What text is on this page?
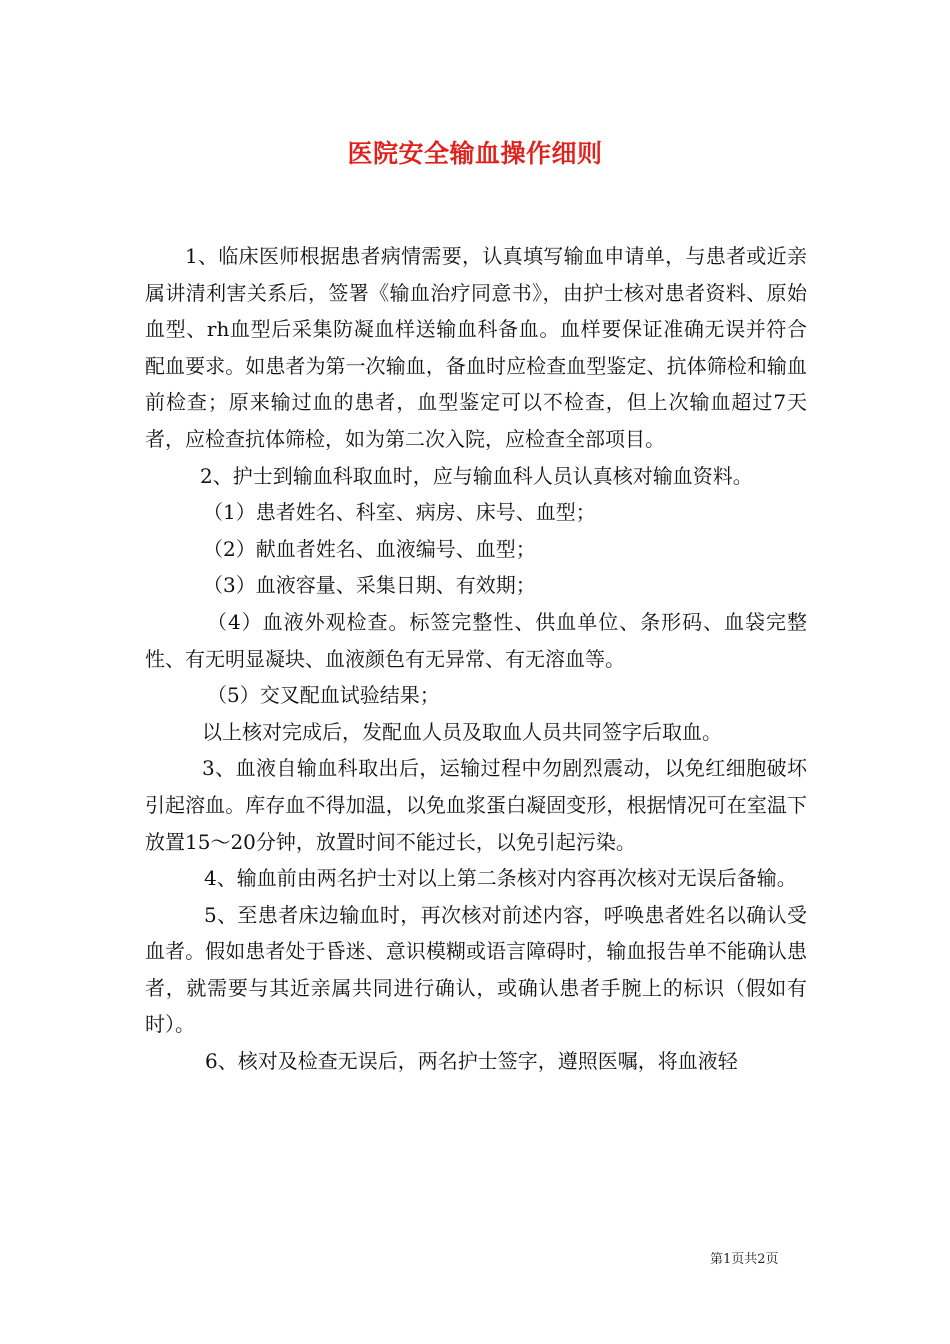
医院安全输血操作细则

1、临床医师根据患者病情需要，认真填写输血申请单，与患者或近亲属讲清利害关系后，签署《输血治疗同意书》，由护士核对患者资料、原始血型、rh血型后采集防凝血样送输血科备血。血样要保证准确无误并符合配血要求。如患者为第一次输血，备血时应检查血型鉴定、抗体筛检和输血前检查；原来输过血的患者，血型鉴定可以不检查，但上次输血超过7天者，应检查抗体筛检，如为第二次入院，应检查全部项目。

2、护士到输血科取血时，应与输血科人员认真核对输血资料。

（1）患者姓名、科室、病房、床号、血型；

（2）献血者姓名、血液编号、血型；

（3）血液容量、采集日期、有效期；

（4）血液外观检查。标签完整性、供血单位、条形码、血袋完整性、有无明显凝块、血液颜色有无异常、有无溶血等。

（5）交叉配血试验结果；

以上核对完成后，发配血人员及取血人员共同签字后取血。

3、血液自输血科取出后，运输过程中勿剧烈震动，以免红细胞破坏引起溶血。库存血不得加温，以免血浆蛋白凝固变形，根据情况可在室温下放置15～20分钟，放置时间不能过长，以免引起污染。

4、输血前由两名护士对以上第二条核对内容再次核对无误后备输。

5、至患者床边输血时，再次核对前述内容，呼唤患者姓名以确认受血者。假如患者处于昏迷、意识模糊或语言障碍时，输血报告单不能确认患者，就需要与其近亲属共同进行确认，或确认患者手腕上的标识（假如有时）。

6、核对及检查无误后，两名护士签字，遵照医嘱，将血液轻

第1页共2页
